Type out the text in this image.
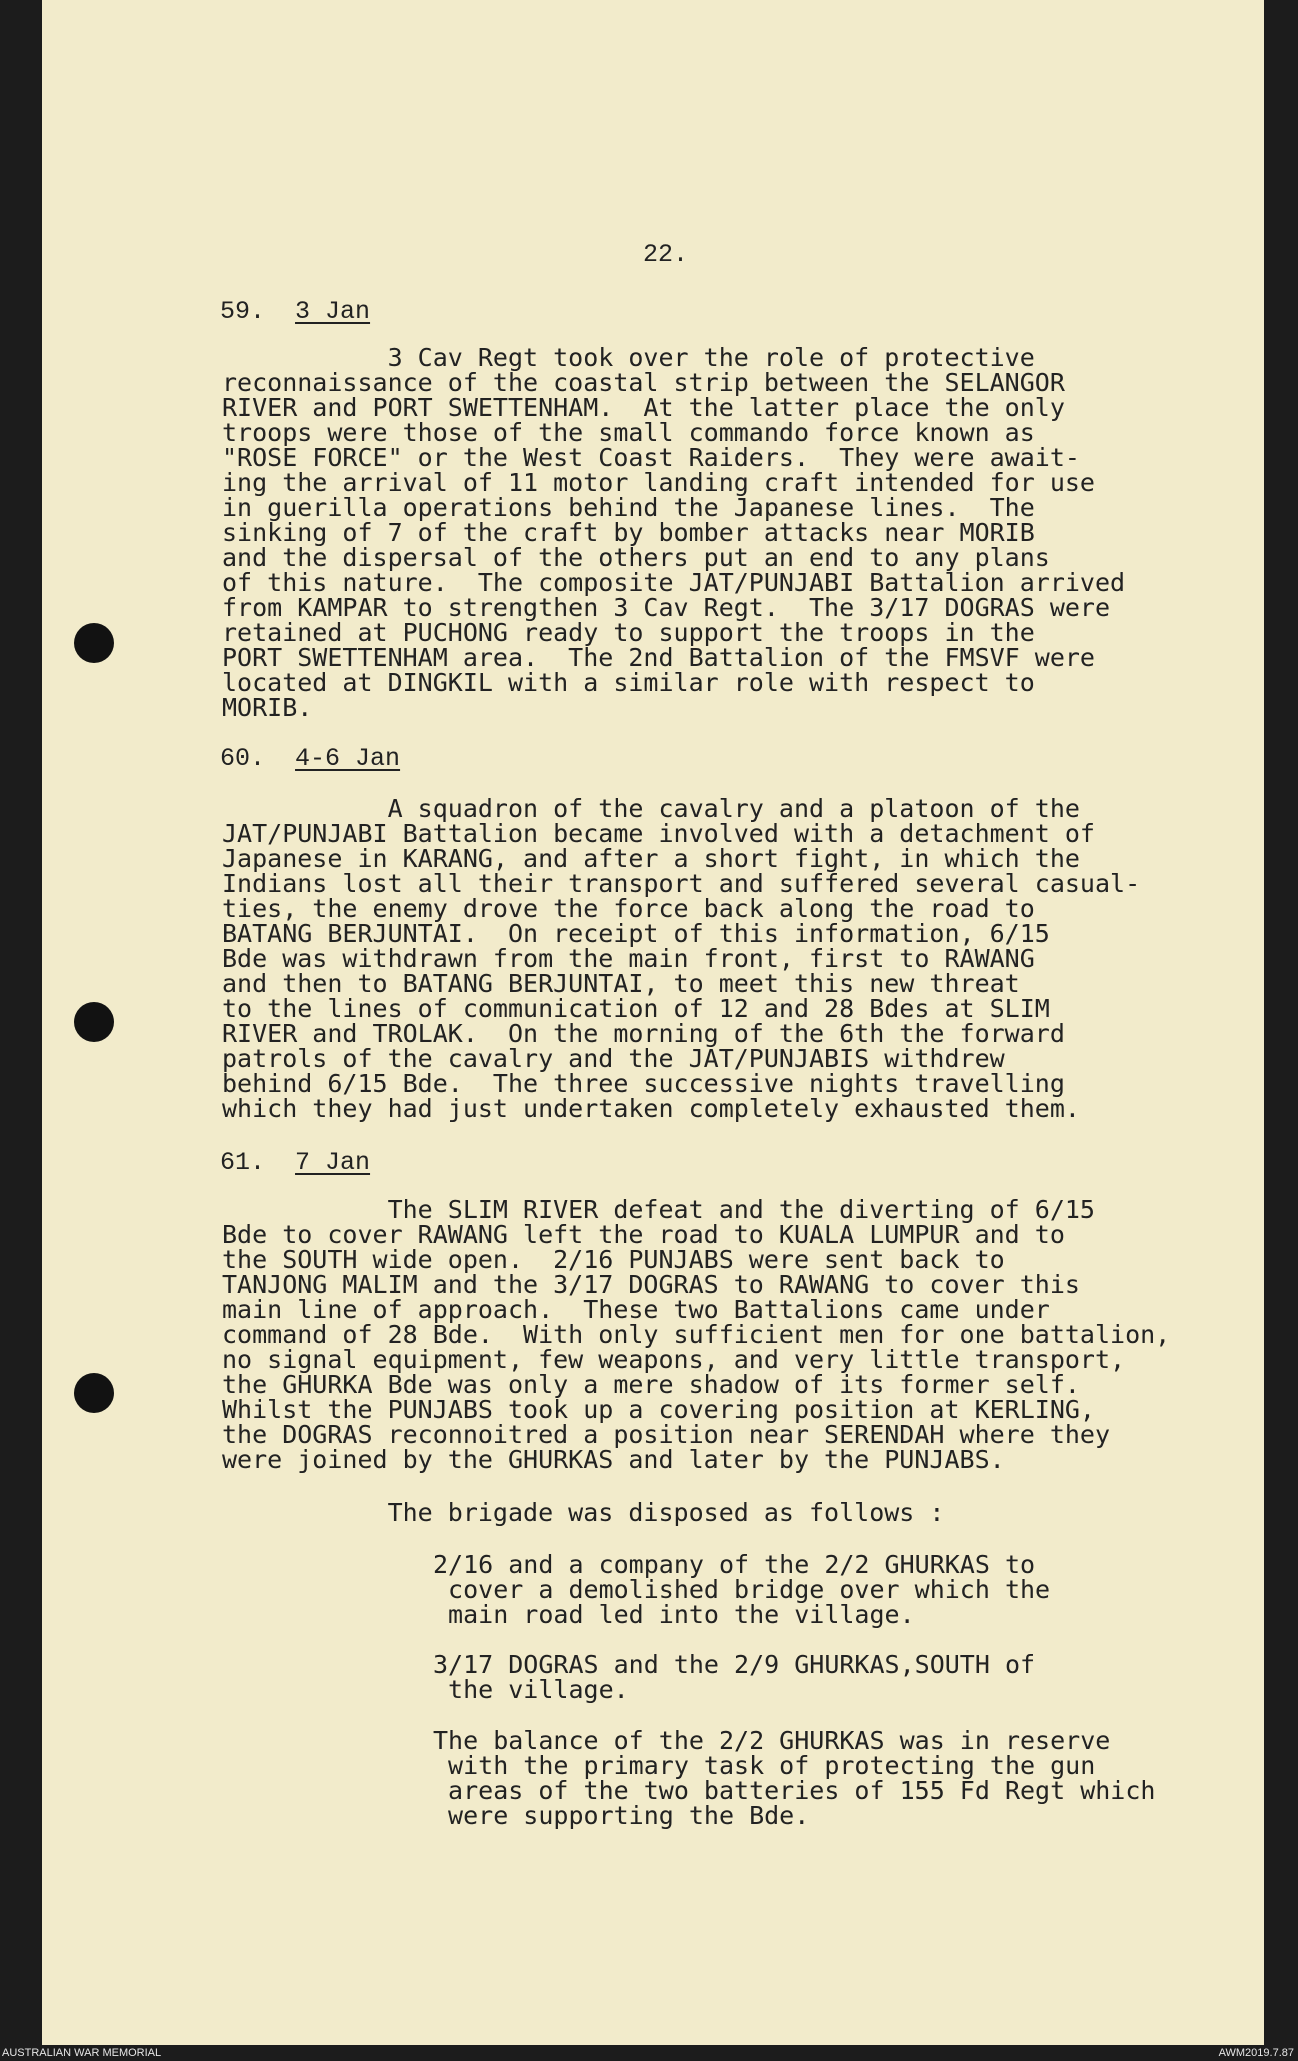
22.
59. 3 Jan
3 Cav Regt took over the role of protective
reconnaissance of the coastal strip between the SELANGOR
RIVER and PORT SWETTENHAM.  At the latter place the only
troops were those of the small commando force known as
"ROSE FORCE" or the West Coast Raiders.  They were await-
ing the arrival of 11 motor landing craft intended for use
in guerilla operations behind the Japanese lines.  The
sinking of 7 of the craft by bomber attacks near MORIB
and the dispersal of the others put an end to any plans
of this nature.  The composite JAT/PUNJABI Battalion arrived
from KAMPAR to strengthen 3 Cav Regt.  The 3/17 DOGRAS were
retained at PUCHONG ready to support the troops in the
PORT SWETTENHAM area.  The 2nd Battalion of the FMSVF were
located at DINGKIL with a similar role with respect to
MORIB.
60. 4-6 Jan
A squadron of the cavalry and a platoon of the
JAT/PUNJABI Battalion became involved with a detachment of
Japanese in KARANG, and after a short fight, in which the
Indians lost all their transport and suffered several casual-
ties, the enemy drove the force back along the road to
BATANG BERJUNTAI.  On receipt of this information, 6/15
Bde was withdrawn from the main front, first to RAWANG
and then to BATANG BERJUNTAI, to meet this new threat
to the lines of communication of 12 and 28 Bdes at SLIM
RIVER and TROLAK.  On the morning of the 6th the forward
patrols of the cavalry and the JAT/PUNJABIS withdrew
behind 6/15 Bde.  The three successive nights travelling
which they had just undertaken completely exhausted them.
61. 7 Jan
The SLIM RIVER defeat and the diverting of 6/15
Bde to cover RAWANG left the road to KUALA LUMPUR and to
the SOUTH wide open.  2/16 PUNJABS were sent back to
TANJONG MALIM and the 3/17 DOGRAS to RAWANG to cover this
main line of approach.  These two Battalions came under
command of 28 Bde.  With only sufficient men for one battalion,
no signal equipment, few weapons, and very little transport,
the GHURKA Bde was only a mere shadow of its former self.
Whilst the PUNJABS took up a covering position at KERLING,
the DOGRAS reconnoitred a position near SERENDAH where they
were joined by the GHURKAS and later by the PUNJABS.
The brigade was disposed as follows :
2/16 and a company of the 2/2 GHURKAS to
cover a demolished bridge over which the
main road led into the village.
3/17 DOGRAS and the 2/9 GHURKAS,SOUTH of
the village.
The balance of the 2/2 GHURKAS was in reserve
with the primary task of protecting the gun
areas of the two batteries of 155 Fd Regt which
were supporting the Bde.
AUSTRALIAN WAR MEMORIAL	AWM2019.7.87
